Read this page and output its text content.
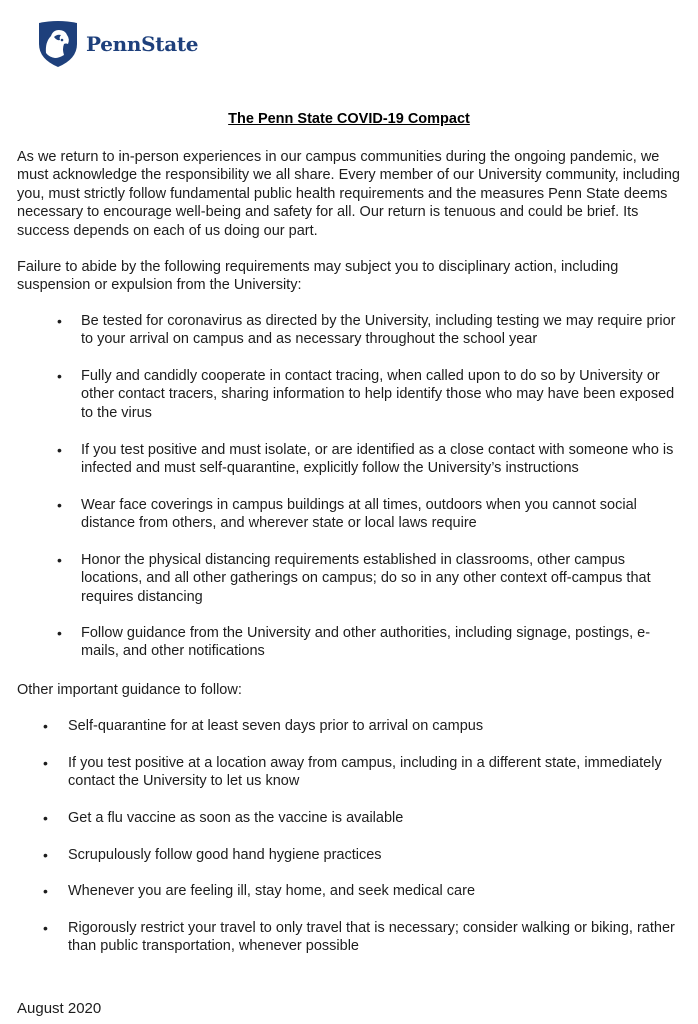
PennState
The Penn State COVID-19 Compact
As we return to in-person experiences in our campus communities during the ongoing pandemic, we must acknowledge the responsibility we all share. Every member of our University community, including you, must strictly follow fundamental public health requirements and the measures Penn State deems necessary to encourage well-being and safety for all. Our return is tenuous and could be brief. Its success depends on each of us doing our part.
Failure to abide by the following requirements may subject you to disciplinary action, including suspension or expulsion from the University:
• Be tested for coronavirus as directed by the University, including testing we may require prior to your arrival on campus and as necessary throughout the school year
• Fully and candidly cooperate in contact tracing, when called upon to do so by University or other contact tracers, sharing information to help identify those who may have been exposed to the virus
• If you test positive and must isolate, or are identified as a close contact with someone who is infected and must self-quarantine, explicitly follow the University’s instructions
• Wear face coverings in campus buildings at all times, outdoors when you cannot social distance from others, and wherever state or local laws require
• Honor the physical distancing requirements established in classrooms, other campus locations, and all other gatherings on campus; do so in any other context off-campus that requires distancing
• Follow guidance from the University and other authorities, including signage, postings, e-mails, and other notifications
Other important guidance to follow:
• Self-quarantine for at least seven days prior to arrival on campus
• If you test positive at a location away from campus, including in a different state, immediately contact the University to let us know
• Get a flu vaccine as soon as the vaccine is available
• Scrupulously follow good hand hygiene practices
• Whenever you are feeling ill, stay home, and seek medical care
• Rigorously restrict your travel to only travel that is necessary; consider walking or biking, rather than public transportation, whenever possible
August 2020
